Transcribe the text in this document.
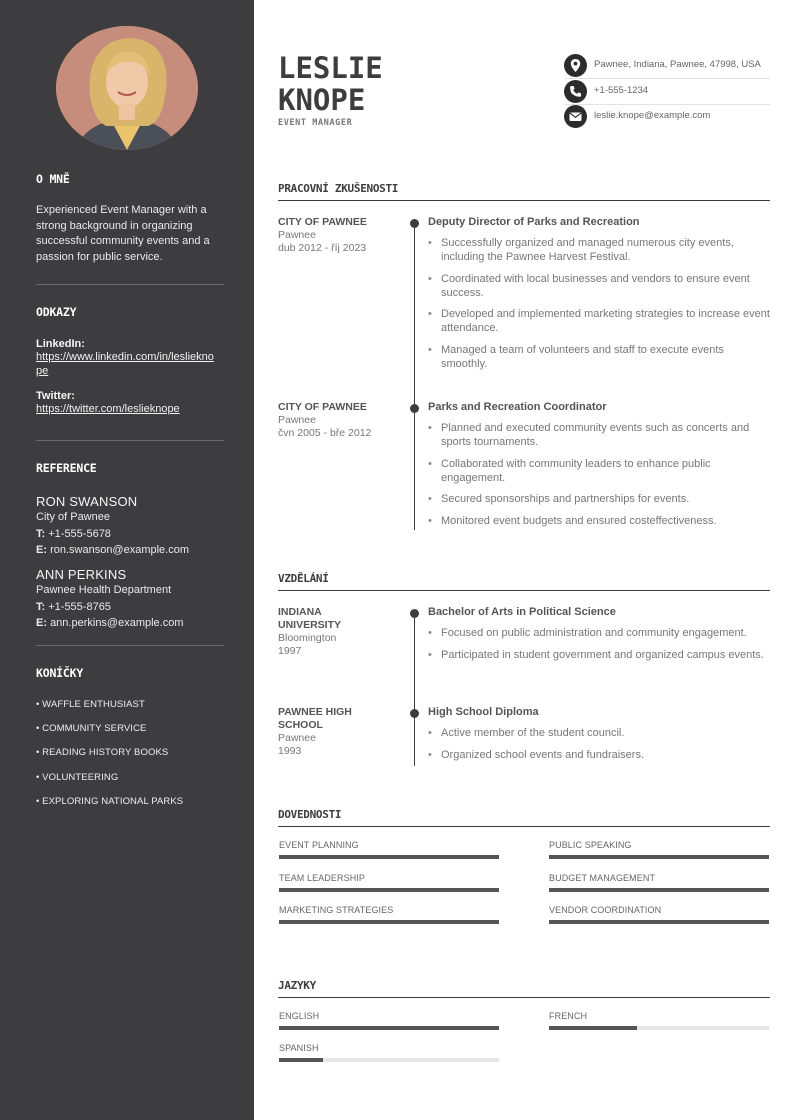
O MNĚ
Experienced Event Manager with a strong background in organizing successful community events and a passion for public service.
ODKAZY
LinkedIn:
https://www.linkedin.com/in/leslieknope
Twitter:
https://twitter.com/leslieknope
REFERENCE
RON SWANSON
City of Pawnee
T: +1-555-5678
E: ron.swanson@example.com
ANN PERKINS
Pawnee Health Department
T: +1-555-8765
E: ann.perkins@example.com
KONÍČKY
• WAFFLE ENTHUSIAST
• COMMUNITY SERVICE
• READING HISTORY BOOKS
• VOLUNTEERING
• EXPLORING NATIONAL PARKS
LESLIE
KNOPE
EVENT MANAGER
Pawnee, Indiana, Pawnee, 47998, USA
+1-555-1234
leslie.knope@example.com
PRACOVNÍ ZKUŠENOSTI
CITY OF PAWNEE
Pawnee
dub 2012 - říj 2023
Deputy Director of Parks and Recreation
• Successfully organized and managed numerous city events, including the Pawnee Harvest Festival.
• Coordinated with local businesses and vendors to ensure event success.
• Developed and implemented marketing strategies to increase event attendance.
• Managed a team of volunteers and staff to execute events smoothly.
CITY OF PAWNEE
Pawnee
čvn 2005 - bře 2012
Parks and Recreation Coordinator
• Planned and executed community events such as concerts and sports tournaments.
• Collaborated with community leaders to enhance public engagement.
• Secured sponsorships and partnerships for events.
• Monitored event budgets and ensured costeffectiveness.
VZDĚLÁNÍ
INDIANA UNIVERSITY
Bloomington
1997
Bachelor of Arts in Political Science
• Focused on public administration and community engagement.
• Participated in student government and organized campus events.
PAWNEE HIGH SCHOOL
Pawnee
1993
High School Diploma
• Active member of the student council.
• Organized school events and fundraisers.
DOVEDNOSTI
EVENT PLANNING	PUBLIC SPEAKING
TEAM LEADERSHIP	BUDGET MANAGEMENT
MARKETING STRATEGIES	VENDOR COORDINATION
JAZYKY
ENGLISH	FRENCH
SPANISH
